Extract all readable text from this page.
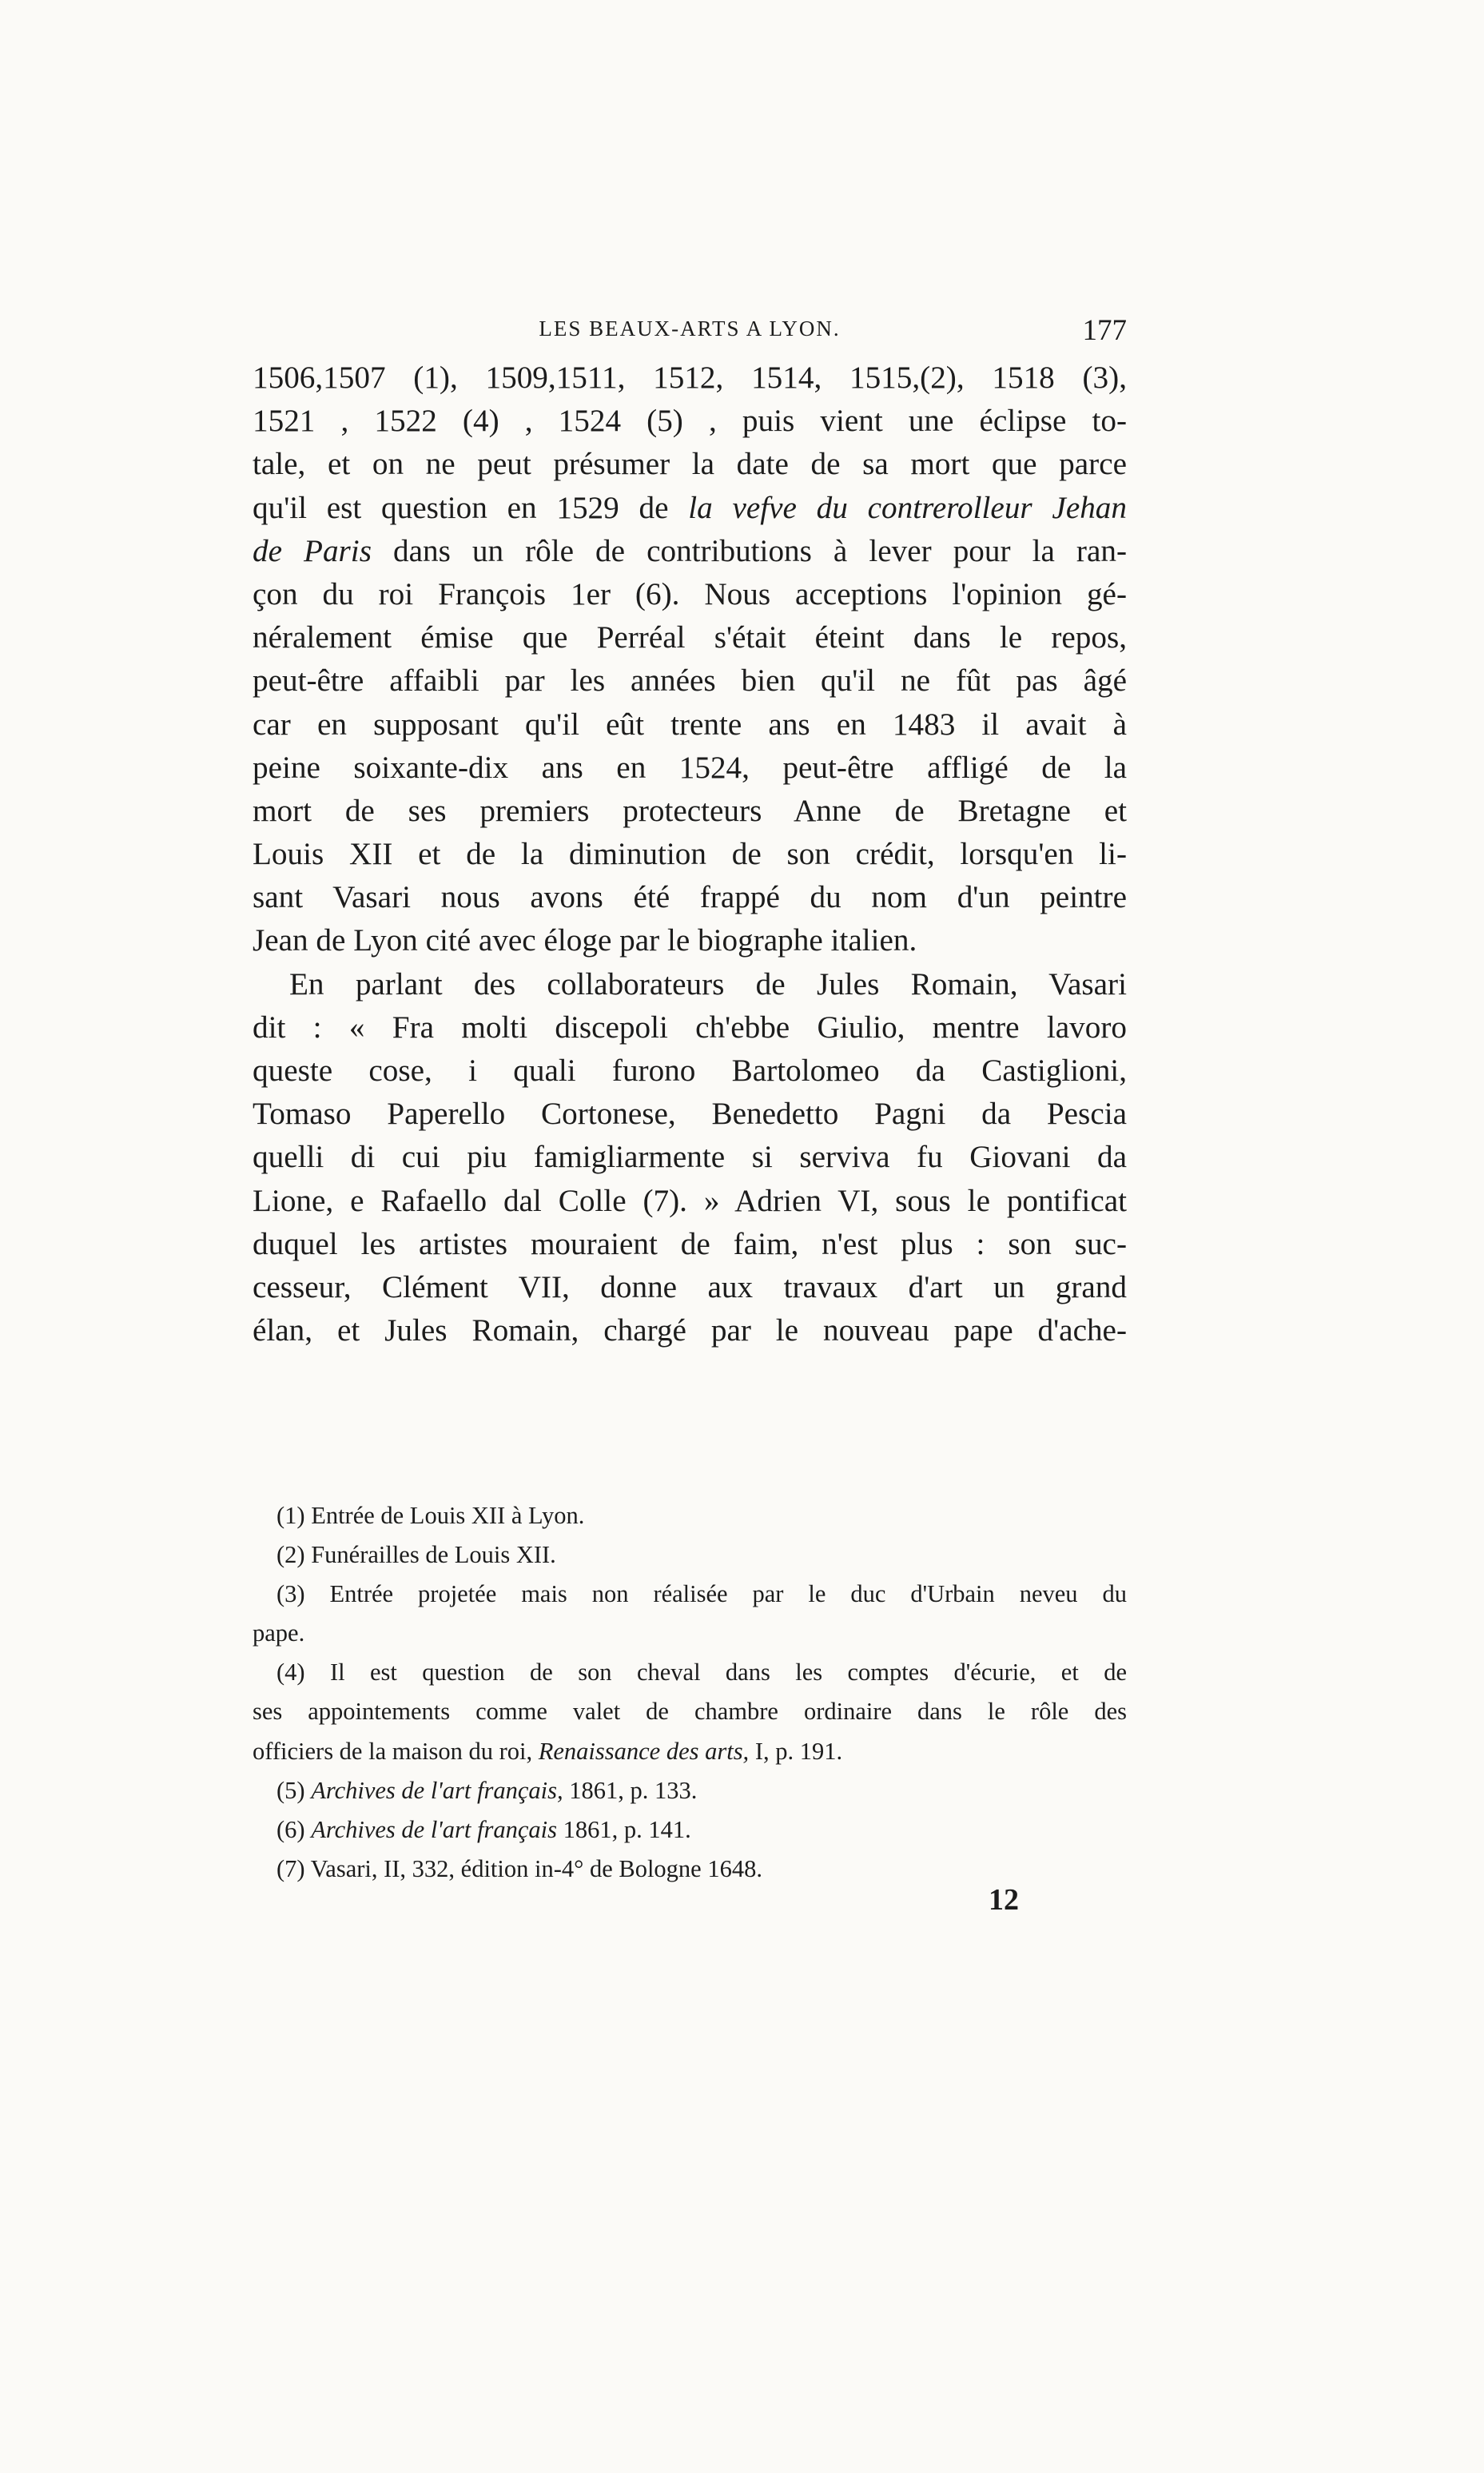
LES BEAUX-ARTS A LYON.	177
1506,1507 (1), 1509,1511, 1512, 1514, 1515,(2), 1518 (3),
1521 , 1522 (4) , 1524 (5) , puis vient une éclipse to-
tale, et on ne peut présumer la date de sa mort que parce
qu'il est question en 1529 de la vefve du contrerolleur Jehan
de Paris dans un rôle de contributions à lever pour la ran-
çon du roi François 1er (6). Nous acceptions l'opinion gé-
néralement émise que Perréal s'était éteint dans le repos,
peut-être affaibli par les années bien qu'il ne fût pas âgé
car en supposant qu'il eût trente ans en 1483 il avait à
peine soixante-dix ans en 1524, peut-être affligé de la
mort de ses premiers protecteurs Anne de Bretagne et
Louis XII et de la diminution de son crédit, lorsqu'en li-
sant Vasari nous avons été frappé du nom d'un peintre
Jean de Lyon cité avec éloge par le biographe italien.
En parlant des collaborateurs de Jules Romain, Vasari
dit : « Fra molti discepoli ch'ebbe Giulio, mentre lavoro
queste cose, i quali furono Bartolomeo da Castiglioni,
Tomaso Paperello Cortonese, Benedetto Pagni da Pescia
quelli di cui piu famigliarmente si serviva fu Giovani da
Lione, e Rafaello dal Colle (7). » Adrien VI, sous le pontificat
duquel les artistes mouraient de faim, n'est plus : son suc-
cesseur, Clément VII, donne aux travaux d'art un grand
élan, et Jules Romain, chargé par le nouveau pape d'ache-
(1) Entrée de Louis XII à Lyon.
(2) Funérailles de Louis XII.
(3) Entrée projetée mais non réalisée par le duc d'Urbain neveu du
pape.
(4) Il est question de son cheval dans les comptes d'écurie, et de
ses appointements comme valet de chambre ordinaire dans le rôle des
officiers de la maison du roi, Renaissance des arts, I, p. 191.
(5) Archives de l'art français, 1861, p. 133.
(6) Archives de l'art français 1861, p. 141.
(7) Vasari, II, 332, édition in-4° de Bologne 1648.
12
